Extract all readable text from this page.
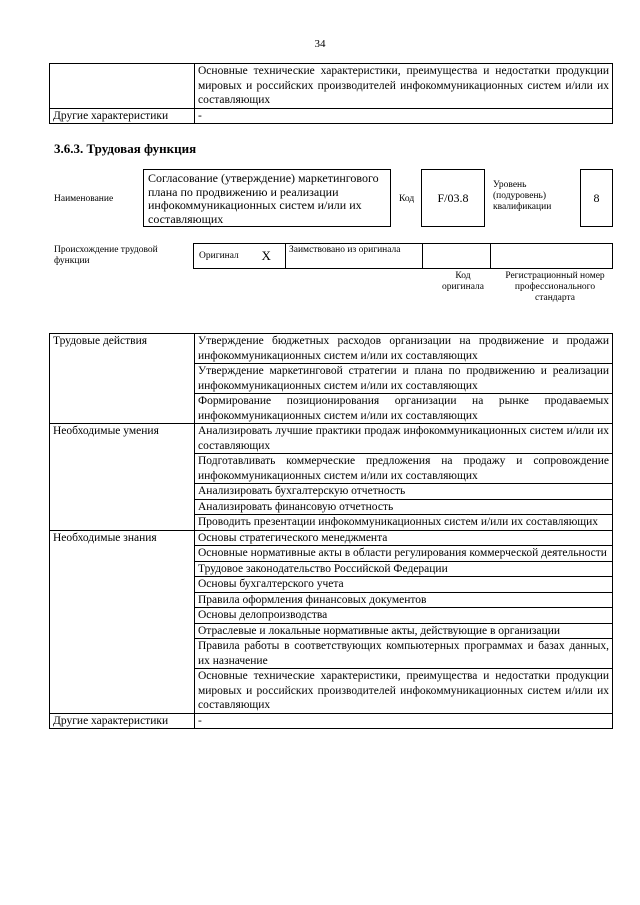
34
	Основные технические характеристики, преимущества и недостатки продукции мировых и российских производителей инфокоммуникационных систем и/или их составляющих
Другие характеристики	-
3.6.3. Трудовая функция
Наименование
Согласование (утверждение) маркетингового плана по продвижению и реализации инфокоммуникационных систем и/или их составляющих
Код F/03.8
Уровень (подуровень) квалификации
8
Происхождение трудовой функции	Оригинал	X	Заимствовано из оригинала		
Код оригинала
Регистрационный номер профессионального стандарта
Трудовые действия	Утверждение бюджетных расходов организации на продвижение и продажи инфокоммуникационных систем и/или их составляющих
	Утверждение маркетинговой стратегии и плана по продвижению и реализации инфокоммуникационных систем и/или их составляющих
	Формирование позиционирования организации на рынке продаваемых инфокоммуникационных систем и/или их составляющих
Необходимые умения	Анализировать лучшие практики продаж инфокоммуникационных систем и/или их составляющих
	Подготавливать коммерческие предложения на продажу и сопровождение инфокоммуникационных систем и/или их составляющих
	Анализировать бухгалтерскую отчетность
	Анализировать финансовую отчетность
	Проводить презентации инфокоммуникационных систем и/или их составляющих
Необходимые знания	Основы стратегического менеджмента
	Основные нормативные акты в области регулирования коммерческой деятельности
	Трудовое законодательство Российской Федерации
	Основы бухгалтерского учета
	Правила оформления финансовых документов
	Основы делопроизводства
	Отраслевые и локальные нормативные акты, действующие в организации
	Правила работы в соответствующих компьютерных программах и базах данных, их назначение
	Основные технические характеристики, преимущества и недостатки продукции мировых и российских производителей инфокоммуникационных систем и/или их составляющих
Другие характеристики	-
